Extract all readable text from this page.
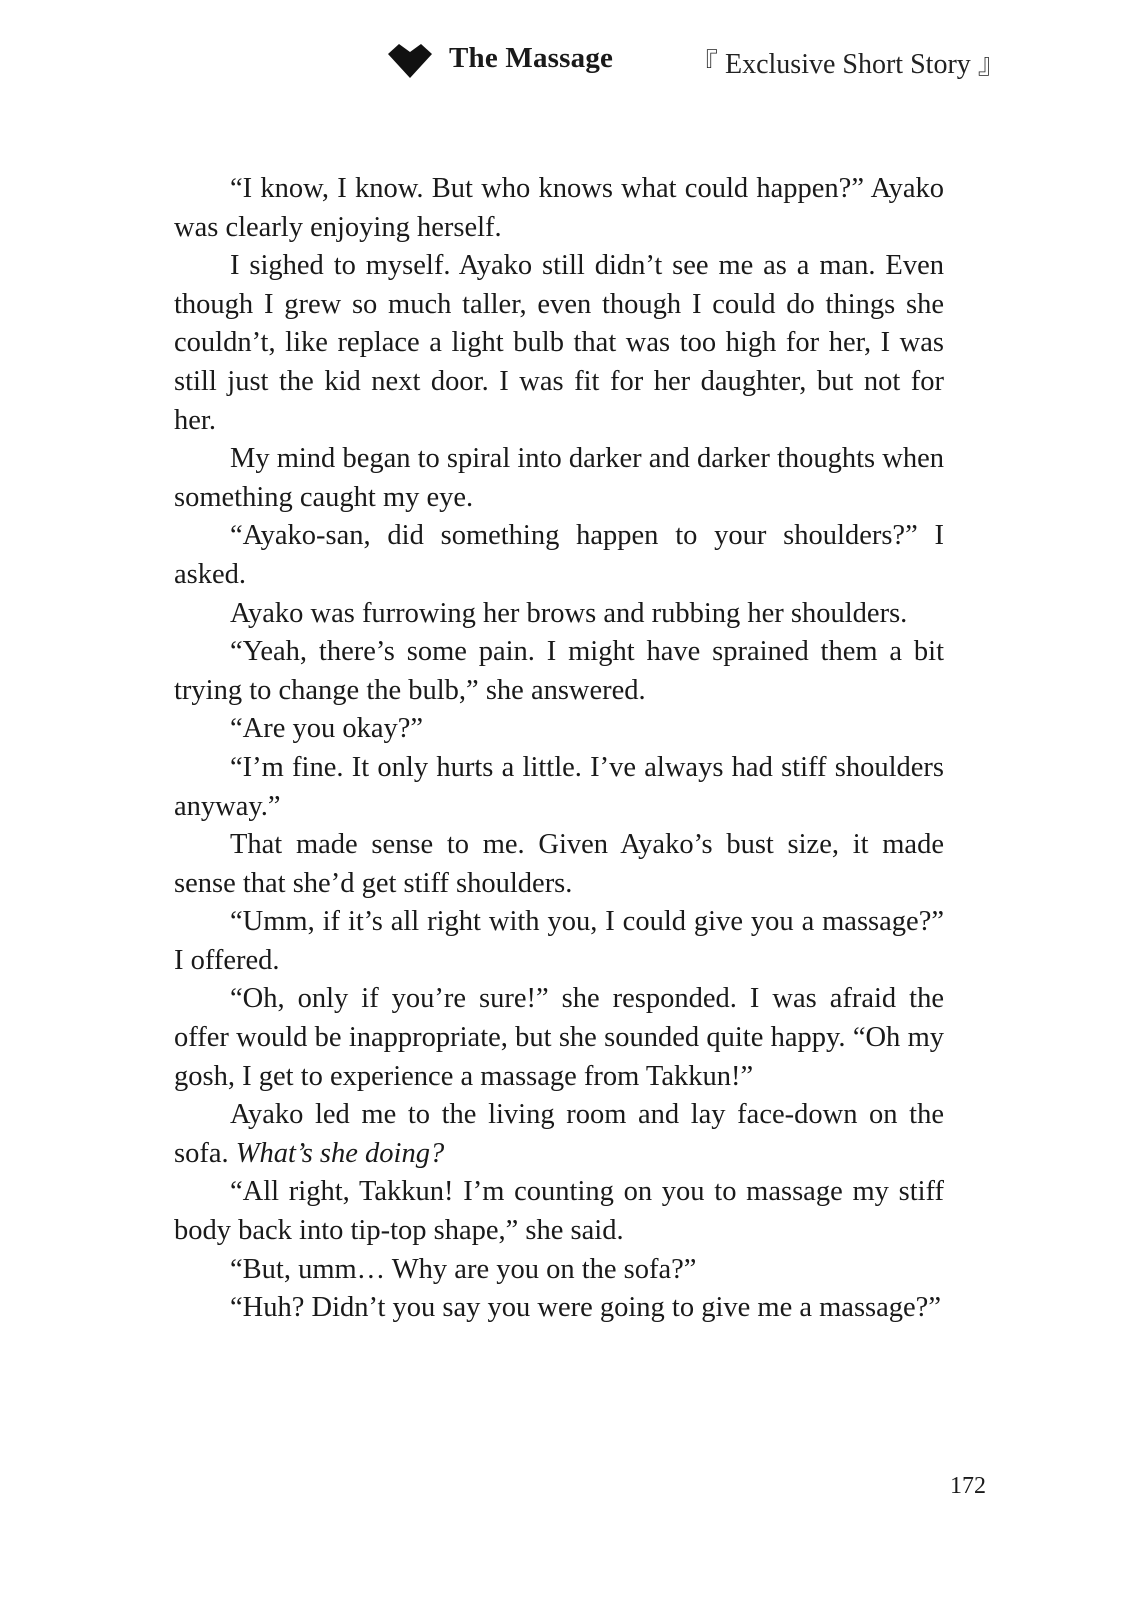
The Massage	『 Exclusive Short Story 』

“I know, I know. But who knows what could happen?” Ayako was clearly enjoying herself.

I sighed to myself. Ayako still didn’t see me as a man. Even though I grew so much taller, even though I could do things she couldn’t, like replace a light bulb that was too high for her, I was still just the kid next door. I was fit for her daughter, but not for her.

My mind began to spiral into darker and darker thoughts when something caught my eye.

“Ayako-san, did something happen to your shoulders?” I asked.

Ayako was furrowing her brows and rubbing her shoulders.

“Yeah, there’s some pain. I might have sprained them a bit trying to change the bulb,” she answered.

“Are you okay?”

“I’m fine. It only hurts a little. I’ve always had stiff shoulders anyway.”

That made sense to me. Given Ayako’s bust size, it made sense that she’d get stiff shoulders.

“Umm, if it’s all right with you, I could give you a massage?” I offered.

“Oh, only if you’re sure!” she responded. I was afraid the offer would be inappropriate, but she sounded quite happy. “Oh my gosh, I get to experience a massage from Takkun!”

Ayako led me to the living room and lay face-down on the sofa. What’s she doing?

“All right, Takkun! I’m counting on you to massage my stiff body back into tip-top shape,” she said.

“But, umm… Why are you on the sofa?”

“Huh? Didn’t you say you were going to give me a massage?”

172
